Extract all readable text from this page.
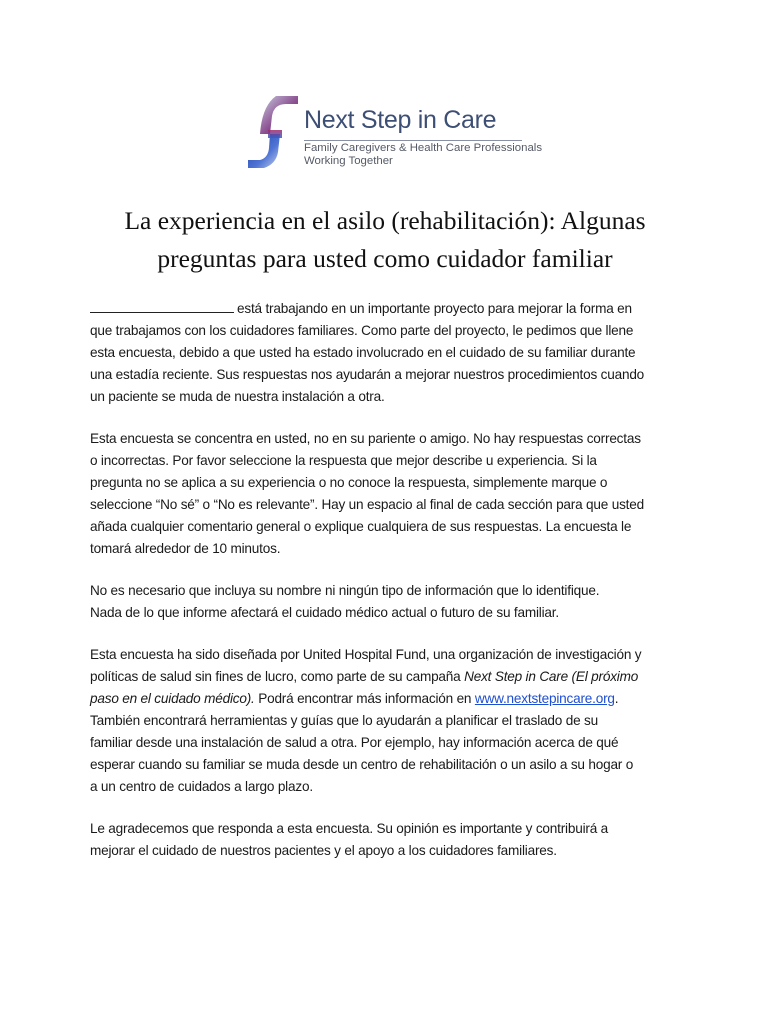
Next Step in Care
Family Caregivers & Health Care Professionals
Working Together
La experiencia en el asilo (rehabilitación): Algunas
preguntas para usted como cuidador familiar
está trabajando en un importante proyecto para mejorar la forma en
que trabajamos con los cuidadores familiares. Como parte del proyecto, le pedimos que llene
esta encuesta, debido a que usted ha estado involucrado en el cuidado de su familiar durante
una estadía reciente. Sus respuestas nos ayudarán a mejorar nuestros procedimientos cuando
un paciente se muda de nuestra instalación a otra.
Esta encuesta se concentra en usted, no en su pariente o amigo. No hay respuestas correctas
o incorrectas. Por favor seleccione la respuesta que mejor describe u experiencia. Si la
pregunta no se aplica a su experiencia o no conoce la respuesta, simplemente marque o
seleccione “No sé” o “No es relevante”. Hay un espacio al final de cada sección para que usted
añada cualquier comentario general o explique cualquiera de sus respuestas. La encuesta le
tomará alrededor de 10 minutos.
No es necesario que incluya su nombre ni ningún tipo de información que lo identifique.
Nada de lo que informe afectará el cuidado médico actual o futuro de su familiar.
Esta encuesta ha sido diseñada por United Hospital Fund, una organización de investigación y
políticas de salud sin fines de lucro, como parte de su campaña Next Step in Care (El próximo
paso en el cuidado médico). Podrá encontrar más información en www.nextstepincare.org.
También encontrará herramientas y guías que lo ayudarán a planificar el traslado de su
familiar desde una instalación de salud a otra. Por ejemplo, hay información acerca de qué
esperar cuando su familiar se muda desde un centro de rehabilitación o un asilo a su hogar o
a un centro de cuidados a largo plazo.
Le agradecemos que responda a esta encuesta. Su opinión es importante y contribuirá a
mejorar el cuidado de nuestros pacientes y el apoyo a los cuidadores familiares.
